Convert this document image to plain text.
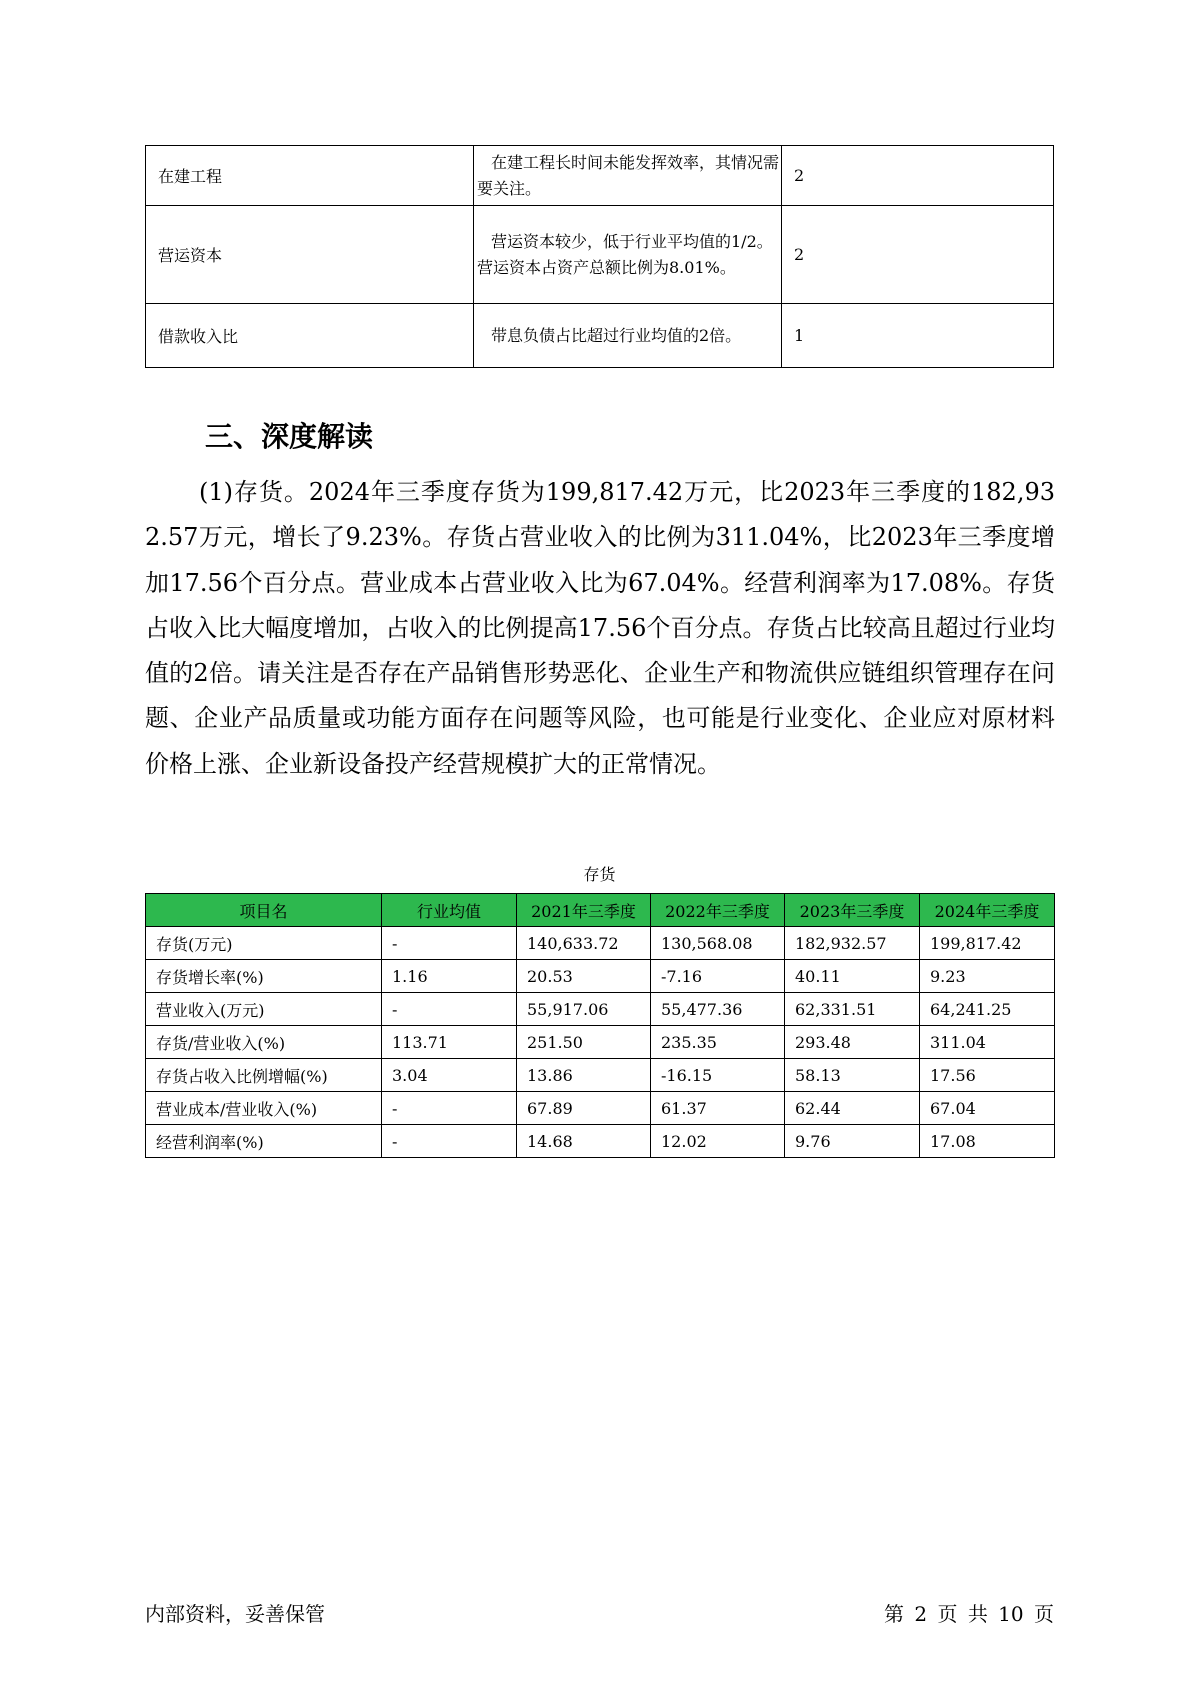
在建工程	在建工程长时间未能发挥效率，其情况需要关注。	2
营运资本	营运资本较少，低于行业平均值的1/2。营运资本占资产总额比例为8.01%。	2
借款收入比	带息负债占比超过行业均值的2倍。	1
三、深度解读

(1)存货。2024年三季度存货为199,817.42万元，比2023年三季度的182,932.57万元，增长了9.23%。存货占营业收入的比例为311.04%，比2023年三季度增加17.56个百分点。营业成本占营业收入比为67.04%。经营利润率为17.08%。存货占收入比大幅度增加，占收入的比例提高17.56个百分点。存货占比较高且超过行业均值的2倍。请关注是否存在产品销售形势恶化、企业生产和物流供应链组织管理存在问题、企业产品质量或功能方面存在问题等风险，也可能是行业变化、企业应对原材料价格上涨、企业新设备投产经营规模扩大的正常情况。

存货
项目名	行业均值	2021年三季度	2022年三季度	2023年三季度	2024年三季度
存货(万元)	-	140,633.72	130,568.08	182,932.57	199,817.42
存货增长率(%)	1.16	20.53	-7.16	40.11	9.23
营业收入(万元)	-	55,917.06	55,477.36	62,331.51	64,241.25
存货/营业收入(%)	113.71	251.50	235.35	293.48	311.04
存货占收入比例增幅(%)	3.04	13.86	-16.15	58.13	17.56
营业成本/营业收入(%)	-	67.89	61.37	62.44	67.04
经营利润率(%)	-	14.68	12.02	9.76	17.08
内部资料，妥善保管	第 2 页 共 10 页
